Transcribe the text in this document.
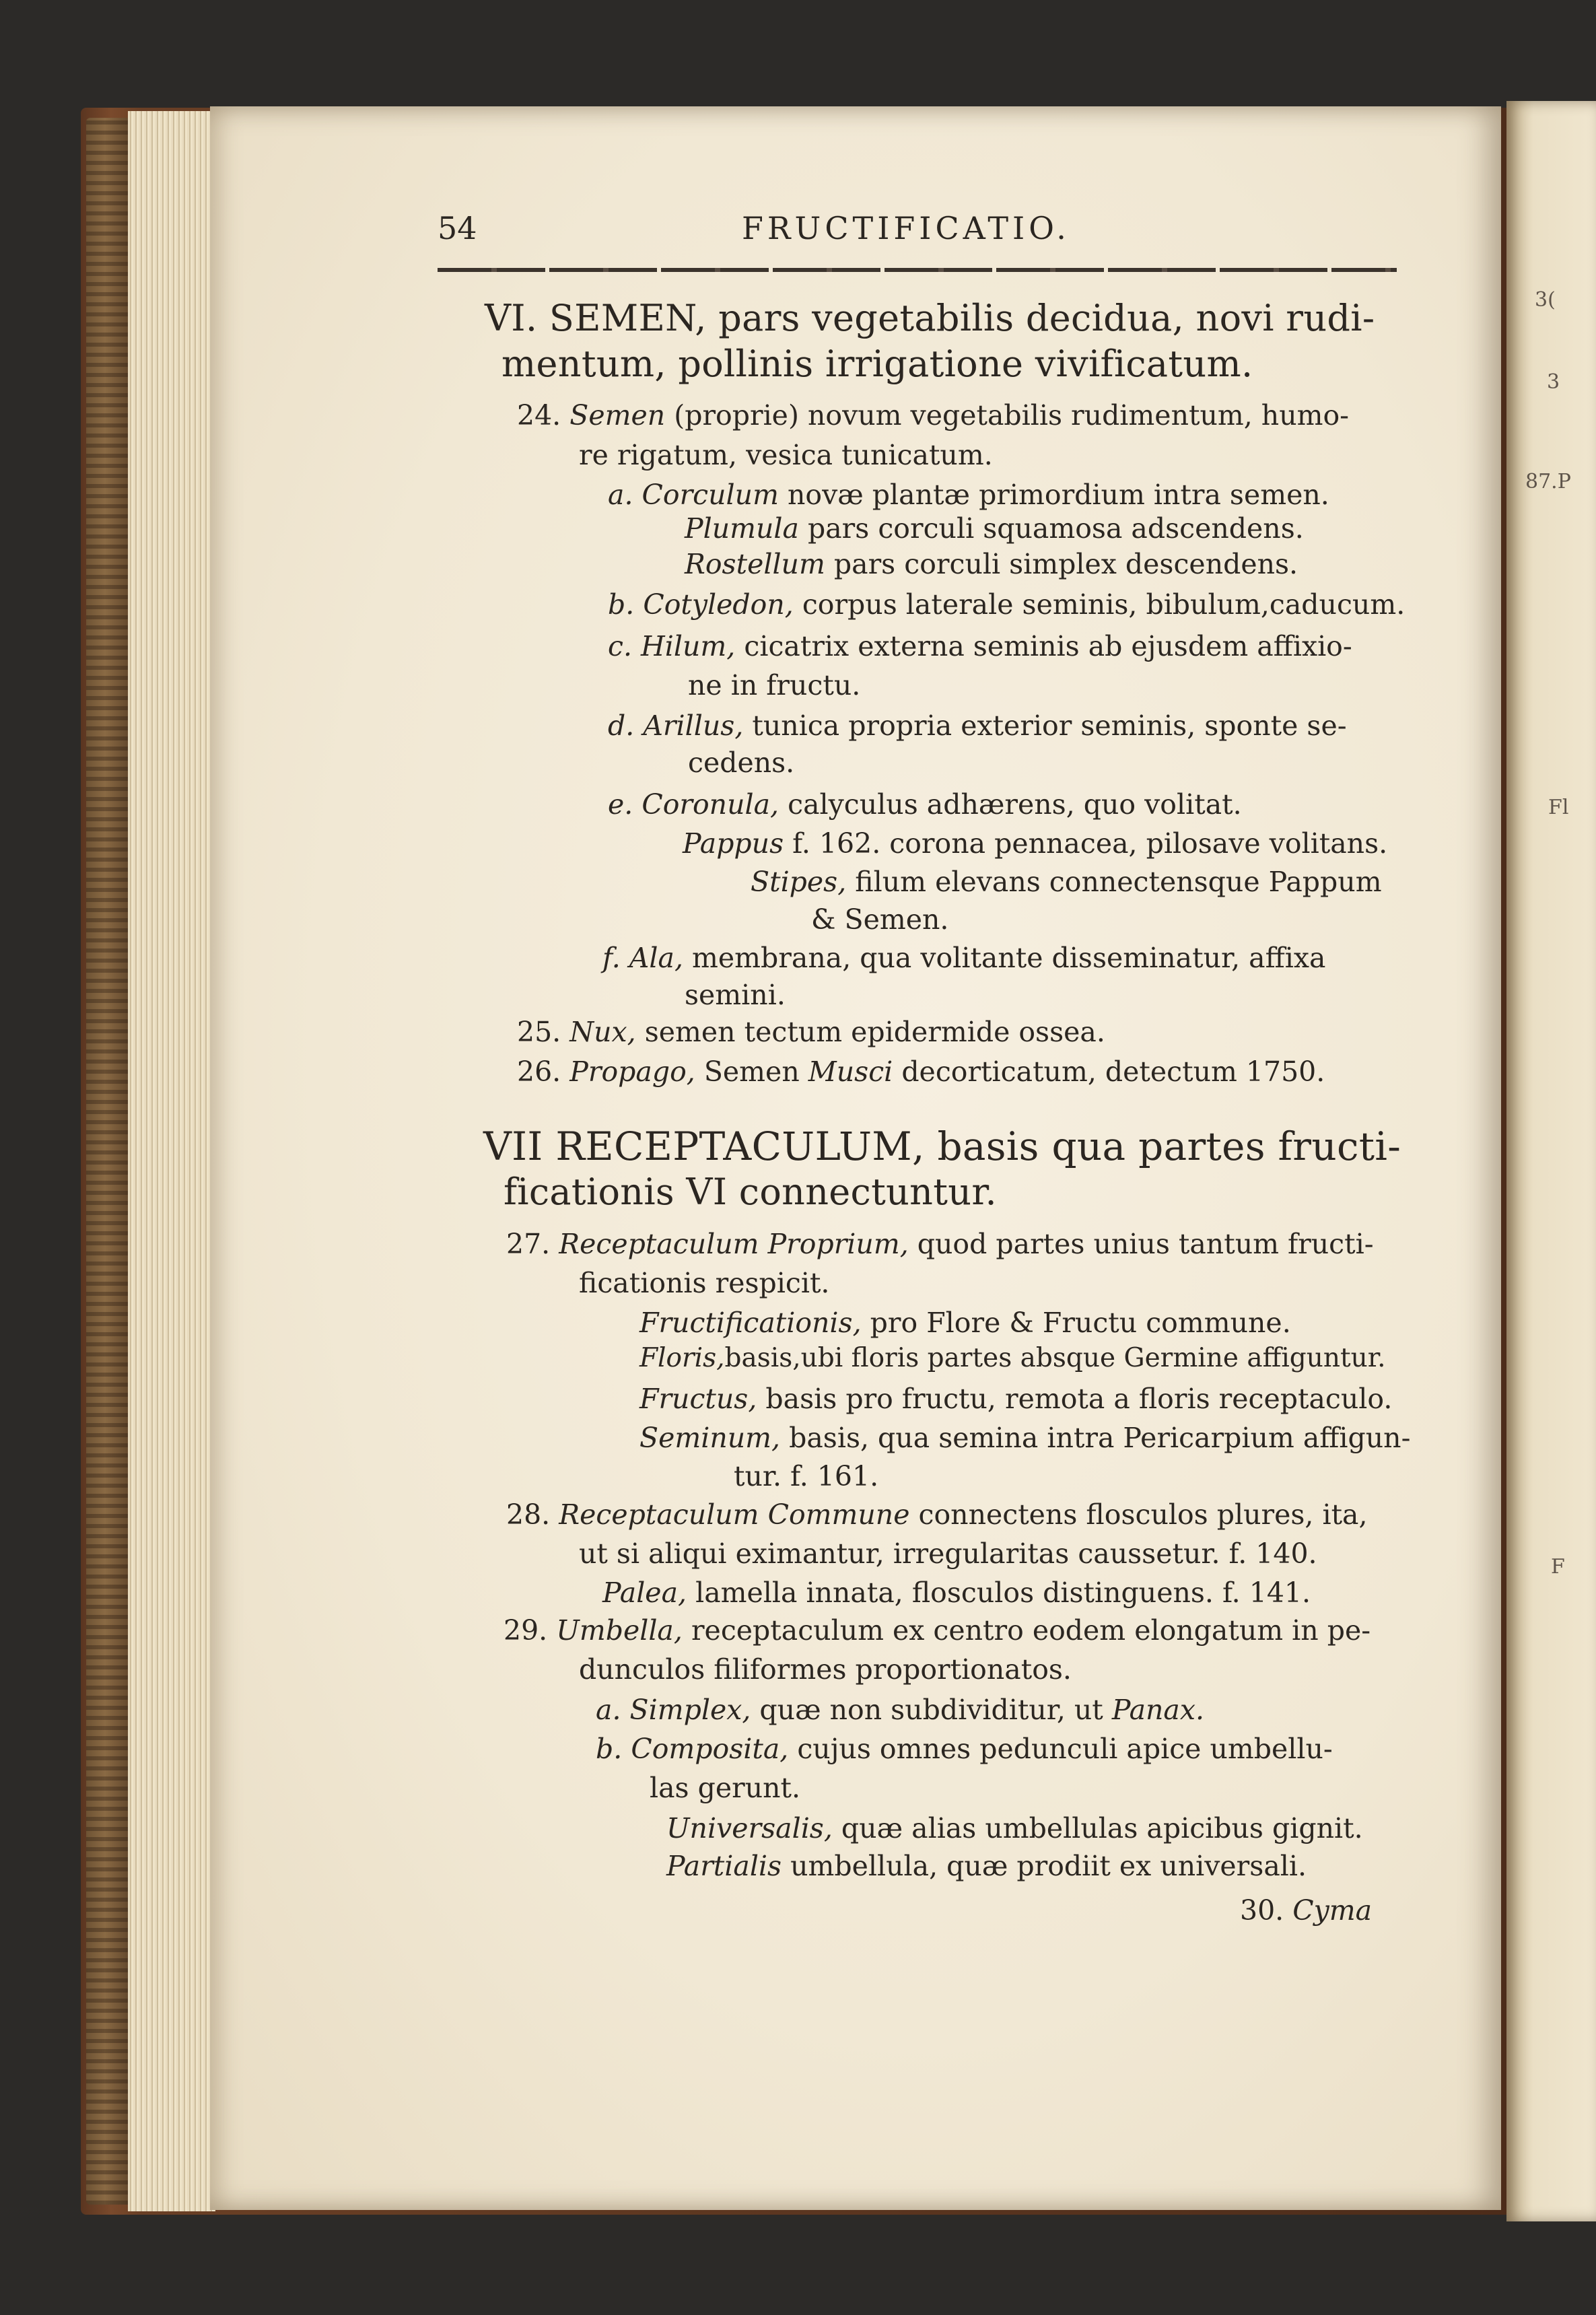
3(
3
87.P
Fl
F
54	FRUCTIFICATIO.
VI. SEMEN, pars vegetabilis decidua, novi rudi-
mentum, pollinis irrigatione vivificatum.
24. Semen (proprie) novum vegetabilis rudimentum, humo-
re rigatum, vesica tunicatum.
a. Corculum novæ plantæ primordium intra semen.
Plumula pars corculi squamosa adscendens.
Rostellum pars corculi simplex descendens.
b. Cotyledon, corpus laterale seminis, bibulum,caducum.
c. Hilum, cicatrix externa seminis ab ejusdem affixio-
ne in fructu.
d. Arillus, tunica propria exterior seminis, sponte se-
cedens.
e. Coronula, calyculus adhærens, quo volitat.
Pappus f. 162. corona pennacea, pilosave volitans.
Stipes, filum elevans connectensque Pappum
& Semen.
f. Ala, membrana, qua volitante disseminatur, affixa
semini.
25. Nux, semen tectum epidermide ossea.
26. Propago, Semen Musci decorticatum, detectum 1750.
VII RECEPTACULUM, basis qua partes fructi-
ficationis VI connectuntur.
27. Receptaculum Proprium, quod partes unius tantum fructi-
ficationis respicit.
Fructificationis, pro Flore & Fructu commune.
Floris,basis,ubi floris partes absque Germine affiguntur.
Fructus, basis pro fructu, remota a floris receptaculo.
Seminum, basis, qua semina intra Pericarpium affigun-
tur. f. 161.
28. Receptaculum Commune connectens flosculos plures, ita,
ut si aliqui eximantur, irregularitas caussetur. f. 140.
Palea, lamella innata, flosculos distinguens. f. 141.
29. Umbella, receptaculum ex centro eodem elongatum in pe-
dunculos filiformes proportionatos.
a. Simplex, quæ non subdividitur, ut Panax.
b. Composita, cujus omnes pedunculi apice umbellu-
las gerunt.
Universalis, quæ alias umbellulas apicibus gignit.
Partialis umbellula, quæ prodiit ex universali.
30. Cyma
